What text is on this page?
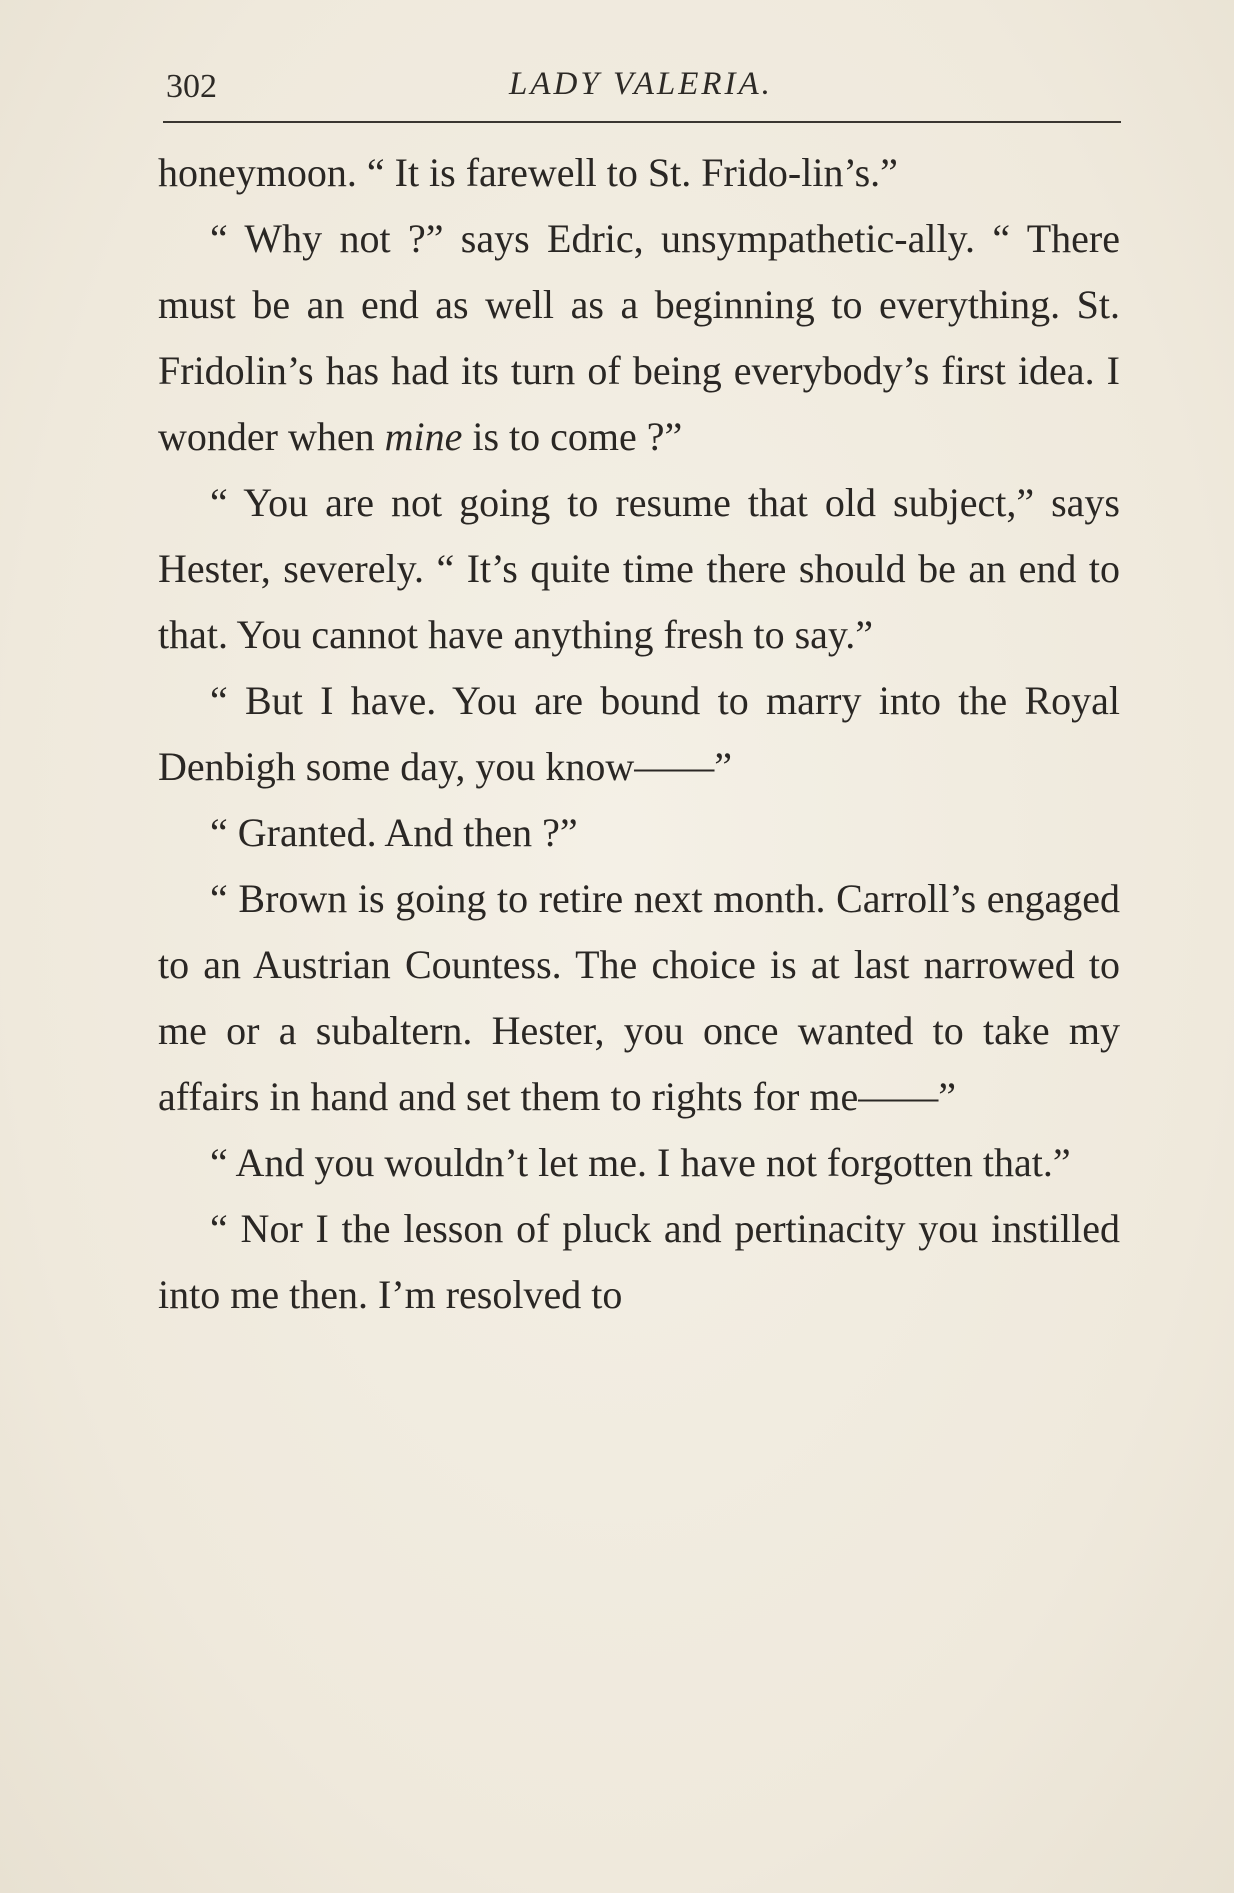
302	LADY VALERIA.

honeymoon. “ It is farewell to St. Frido-lin’s.”

“ Why not ?” says Edric, unsympathetic-ally. “ There must be an end as well as a beginning to everything. St. Fridolin’s has had its turn of being everybody’s first idea. I wonder when mine is to come ?”

“ You are not going to resume that old subject,” says Hester, severely. “ It’s quite time there should be an end to that. You cannot have anything fresh to say.”

“ But I have. You are bound to marry into the Royal Denbigh some day, you know——”

“ Granted. And then ?”

“ Brown is going to retire next month. Carroll’s engaged to an Austrian Countess. The choice is at last narrowed to me or a subaltern. Hester, you once wanted to take my affairs in hand and set them to rights for me——”

“ And you wouldn’t let me. I have not forgotten that.”

“ Nor I the lesson of pluck and pertinacity you instilled into me then. I’m resolved to
